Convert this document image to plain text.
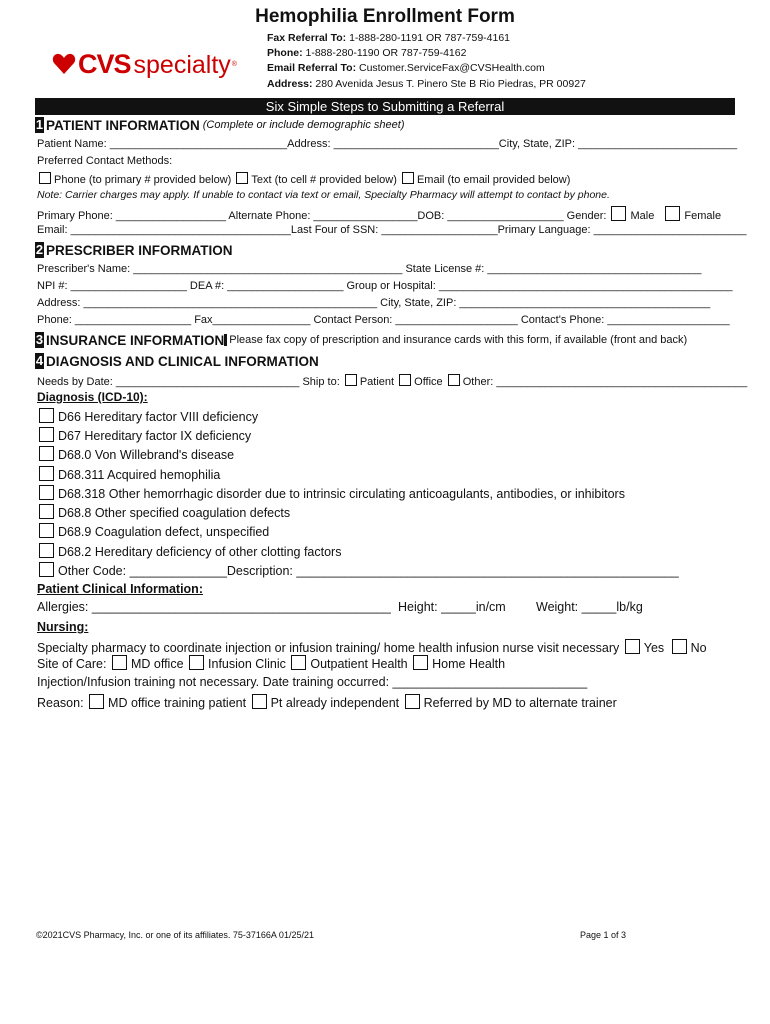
CVS specialty ®
Hemophilia Enrollment Form
Fax Referral To: 1-888-280-1191 OR 787-759-4161
Phone: 1-888-280-1190 OR 787-759-4162
Email Referral To: Customer.ServiceFax@CVSHealth.com
Address: 280 Avenida Jesus T. Pinero Ste B Rio Piedras, PR 00927
Six Simple Steps to Submitting a Referral
1 PATIENT INFORMATION (Complete or include demographic sheet)
Patient Name: _____________________________Address: ___________________________City, State, ZIP: __________________________
Preferred Contact Methods:
Phone (to primary # provided below) Text (to cell # provided below) Email (to email provided below)
Note: Carrier charges may apply. If unable to contact via text or email, Specialty Pharmacy will attempt to contact by phone.
Primary Phone: __________________ Alternate Phone: _________________DOB: ___________________ Gender: Male	Female
Email: ____________________________________Last Four of SSN: ___________________Primary Language: _________________________
2 PRESCRIBER INFORMATION
Prescriber's Name: ____________________________________________ State License #: ___________________________________
NPI #: ___________________ DEA #: ___________________ Group or Hospital: ________________________________________________
Address: ________________________________________________ City, State, ZIP: _________________________________________
Phone: ___________________ Fax________________ Contact Person: ____________________ Contact's Phone: ____________________
3 INSURANCE INFORMATION Please fax copy of prescription and insurance cards with this form, if available (front and back)
4 DIAGNOSIS AND CLINICAL INFORMATION
Needs by Date: ______________________________ Ship to: Patient Office Other: _________________________________________
Diagnosis (ICD-10):
D66 Hereditary factor VIII deficiency
D67 Hereditary factor IX deficiency
D68.0 Von Willebrand's disease
D68.311 Acquired hemophilia
D68.318 Other hemorrhagic disorder due to intrinsic circulating anticoagulants, antibodies, or inhibitors
D68.8 Other specified coagulation defects
D68.9 Coagulation defect, unspecified
D68.2 Hereditary deficiency of other clotting factors
Other Code: ______________Description: _______________________________________________________
Patient Clinical Information:
Allergies: ___________________________________________ Height: _____in/cm Weight: _____lb/kg
Nursing:
Specialty pharmacy to coordinate injection or infusion training/ home health infusion nurse visit necessary Yes No
Site of Care: MD office Infusion Clinic Outpatient Health Home Health
Injection/Infusion training not necessary. Date training occurred: ____________________________
Reason: MD office training patient Pt already independent Referred by MD to alternate trainer
©2021CVS Pharmacy, Inc. or one of its affiliates. 75-37166A 01/25/21	Page 1 of 3
